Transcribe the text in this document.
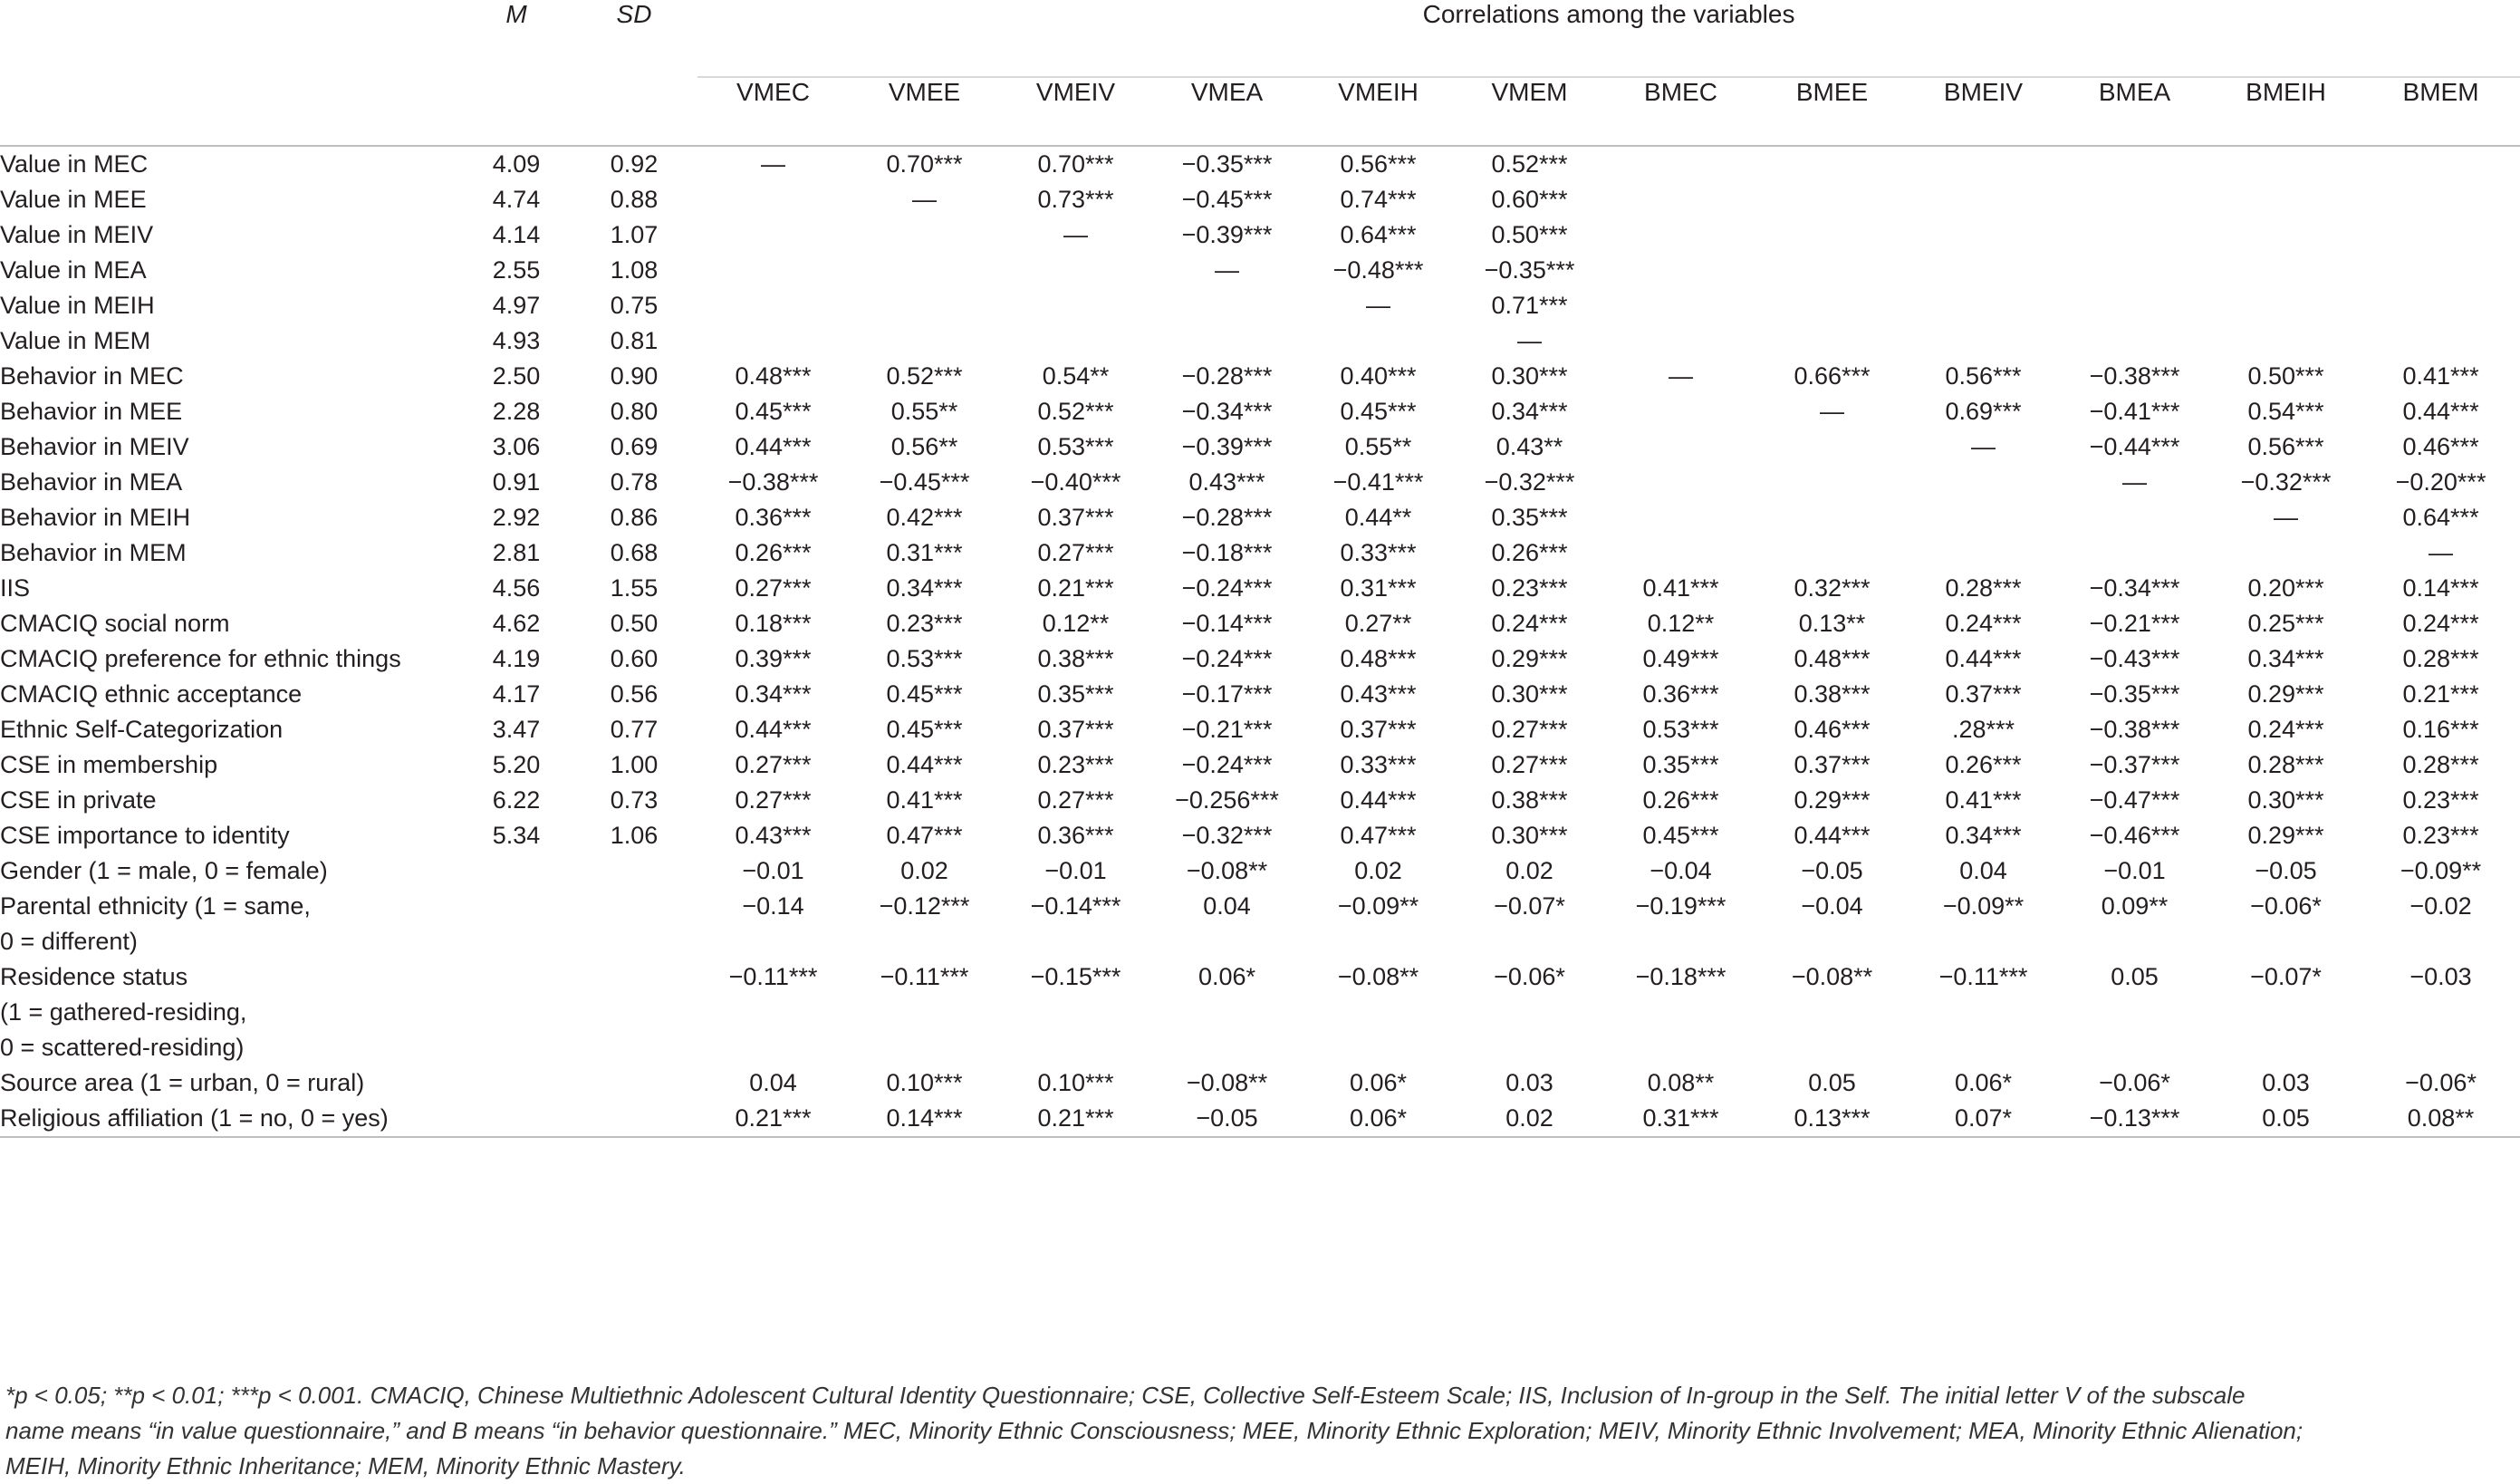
	M	SD	Correlations among the variables											
			VMEC	VMEE	VMEIV	VMEA	VMEIH	VMEM	BMEC	BMEE	BMEIV	BMEA	BMEIH	BMEM

Value in MEC	4.09	0.92	—	0.70***	0.70***	−0.35***	0.56***	0.52***						

Value in MEE	4.74	0.88		—	0.73***	−0.45***	0.74***	0.60***						

Value in MEIV	4.14	1.07			—	−0.39***	0.64***	0.50***						

Value in MEA	2.55	1.08				—	−0.48***	−0.35***						

Value in MEIH	4.97	0.75					—	0.71***						

Value in MEM	4.93	0.81						—						

Behavior in MEC	2.50	0.90	0.48***	0.52***	0.54**	−0.28***	0.40***	0.30***	—	0.66***	0.56***	−0.38***	0.50***	0.41***

Behavior in MEE	2.28	0.80	0.45***	0.55**	0.52***	−0.34***	0.45***	0.34***		—	0.69***	−0.41***	0.54***	0.44***

Behavior in MEIV	3.06	0.69	0.44***	0.56**	0.53***	−0.39***	0.55**	0.43**			—	−0.44***	0.56***	0.46***

Behavior in MEA	0.91	0.78	−0.38***	−0.45***	−0.40***	0.43***	−0.41***	−0.32***				—	−0.32***	−0.20***

Behavior in MEIH	2.92	0.86	0.36***	0.42***	0.37***	−0.28***	0.44**	0.35***					—	0.64***

Behavior in MEM	2.81	0.68	0.26***	0.31***	0.27***	−0.18***	0.33***	0.26***						—

IIS	4.56	1.55	0.27***	0.34***	0.21***	−0.24***	0.31***	0.23***	0.41***	0.32***	0.28***	−0.34***	0.20***	0.14***

CMACIQ social norm	4.62	0.50	0.18***	0.23***	0.12**	−0.14***	0.27**	0.24***	0.12**	0.13**	0.24***	−0.21***	0.25***	0.24***

CMACIQ preference for ethnic things	4.19	0.60	0.39***	0.53***	0.38***	−0.24***	0.48***	0.29***	0.49***	0.48***	0.44***	−0.43***	0.34***	0.28***

CMACIQ ethnic acceptance	4.17	0.56	0.34***	0.45***	0.35***	−0.17***	0.43***	0.30***	0.36***	0.38***	0.37***	−0.35***	0.29***	0.21***

Ethnic Self-Categorization	3.47	0.77	0.44***	0.45***	0.37***	−0.21***	0.37***	0.27***	0.53***	0.46***	.28***	−0.38***	0.24***	0.16***

CSE in membership	5.20	1.00	0.27***	0.44***	0.23***	−0.24***	0.33***	0.27***	0.35***	0.37***	0.26***	−0.37***	0.28***	0.28***

CSE in private	6.22	0.73	0.27***	0.41***	0.27***	−0.256***	0.44***	0.38***	0.26***	0.29***	0.41***	−0.47***	0.30***	0.23***

CSE importance to identity	5.34	1.06	0.43***	0.47***	0.36***	−0.32***	0.47***	0.30***	0.45***	0.44***	0.34***	−0.46***	0.29***	0.23***

Gender (1 = male, 0 = female)			−0.01	0.02	−0.01	−0.08**	0.02	0.02	−0.04	−0.05	0.04	−0.01	−0.05	−0.09**

Parental ethnicity (1 = same,
0 = different)			−0.14	−0.12***	−0.14***	0.04	−0.09**	−0.07*	−0.19***	−0.04	−0.09**	0.09**	−0.06*	−0.02

Residence status
(1 = gathered-residing,
0 = scattered-residing)			−0.11***	−0.11***	−0.15***	0.06*	−0.08**	−0.06*	−0.18***	−0.08**	−0.11***	0.05	−0.07*	−0.03

Source area (1 = urban, 0 = rural)			0.04	0.10***	0.10***	−0.08**	0.06*	0.03	0.08**	0.05	0.06*	−0.06*	0.03	−0.06*

Religious affiliation (1 = no, 0 = yes)			0.21***	0.14***	0.21***	−0.05	0.06*	0.02	0.31***	0.13***	0.07*	−0.13***	0.05	0.08**
*p < 0.05; **p < 0.01; ***p < 0.001. CMACIQ, Chinese Multiethnic Adolescent Cultural Identity Questionnaire; CSE, Collective Self-Esteem Scale; IIS, Inclusion of In-group in the Self. The initial letter V of the subscale
name means “in value questionnaire,” and B means “in behavior questionnaire.” MEC, Minority Ethnic Consciousness; MEE, Minority Ethnic Exploration; MEIV, Minority Ethnic Involvement; MEA, Minority Ethnic Alienation;
MEIH, Minority Ethnic Inheritance; MEM, Minority Ethnic Mastery.
